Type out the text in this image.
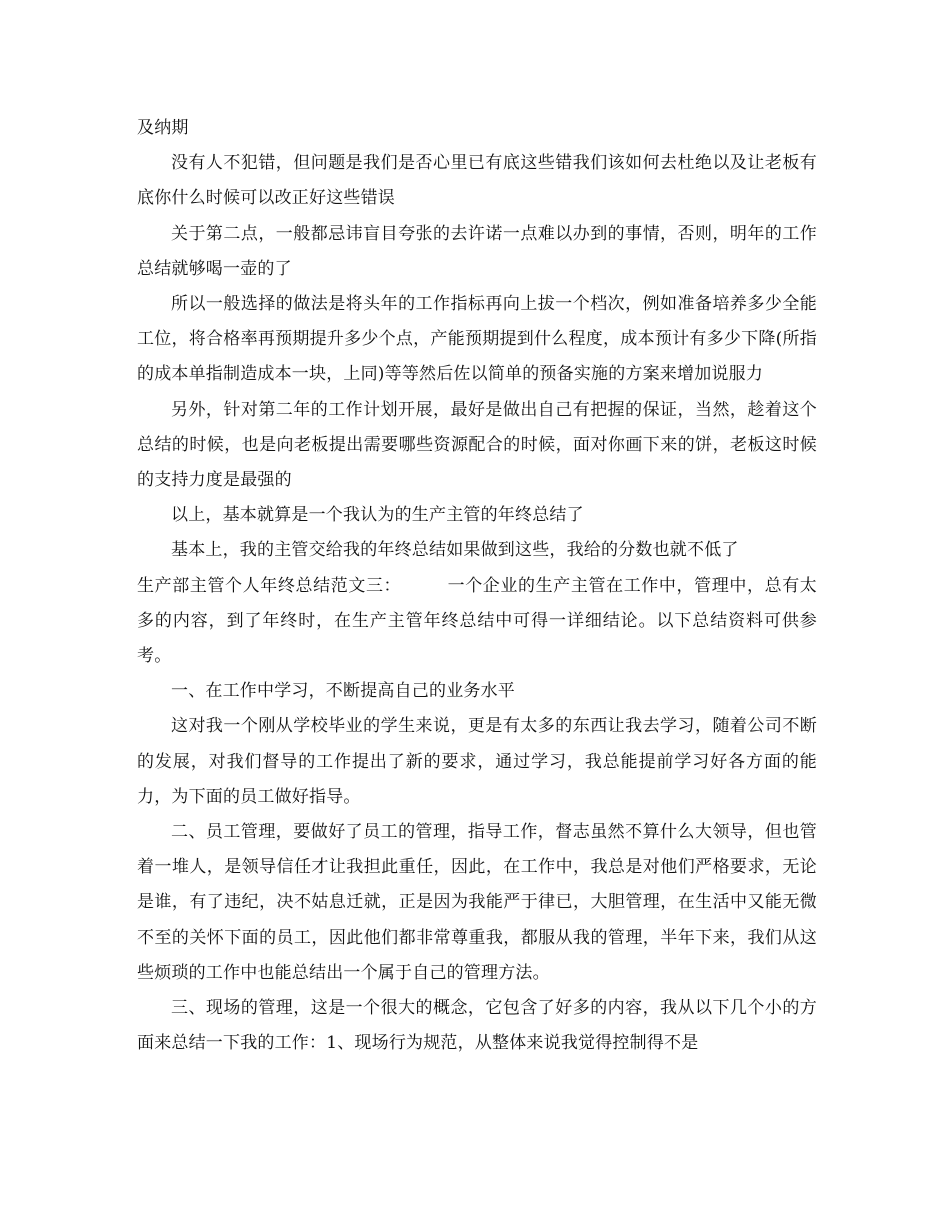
及纳期

没有人不犯错，但问题是我们是否心里已有底这些错我们该如何去杜绝以及让老板有底你什么时候可以改正好这些错误

关于第二点，一般都忌讳盲目夸张的去许诺一点难以办到的事情，否则，明年的工作总结就够喝一壶的了

所以一般选择的做法是将头年的工作指标再向上拔一个档次，例如准备培养多少全能工位，将合格率再预期提升多少个点，产能预期提到什么程度，成本预计有多少下降(所指的成本单指制造成本一块，上同)等等然后佐以简单的预备实施的方案来增加说服力

另外，针对第二年的工作计划开展，最好是做出自己有把握的保证，当然，趁着这个总结的时候，也是向老板提出需要哪些资源配合的时候，面对你画下来的饼，老板这时候的支持力度是最强的

以上，基本就算是一个我认为的生产主管的年终总结了

基本上，我的主管交给我的年终总结如果做到这些，我给的分数也就不低了

生产部主管个人年终总结范文三：	一个企业的生产主管在工作中，管理中，总有太多的内容，到了年终时，在生产主管年终总结中可得一详细结论。以下总结资料可供参考。

一、在工作中学习，不断提高自己的业务水平

这对我一个刚从学校毕业的学生来说，更是有太多的东西让我去学习，随着公司不断的发展，对我们督导的工作提出了新的要求，通过学习，我总能提前学习好各方面的能力，为下面的员工做好指导。

二、员工管理，要做好了员工的管理，指导工作，督志虽然不算什么大领导，但也管着一堆人，是领导信任才让我担此重任，因此，在工作中，我总是对他们严格要求，无论是谁，有了违纪，决不姑息迁就，正是因为我能严于律已，大胆管理，在生活中又能无微不至的关怀下面的员工，因此他们都非常尊重我，都服从我的管理，半年下来，我们从这些烦琐的工作中也能总结出一个属于自己的管理方法。

三、现场的管理，这是一个很大的概念，它包含了好多的内容，我从以下几个小的方面来总结一下我的工作：1、现场行为规范，从整体来说我觉得控制得不是
